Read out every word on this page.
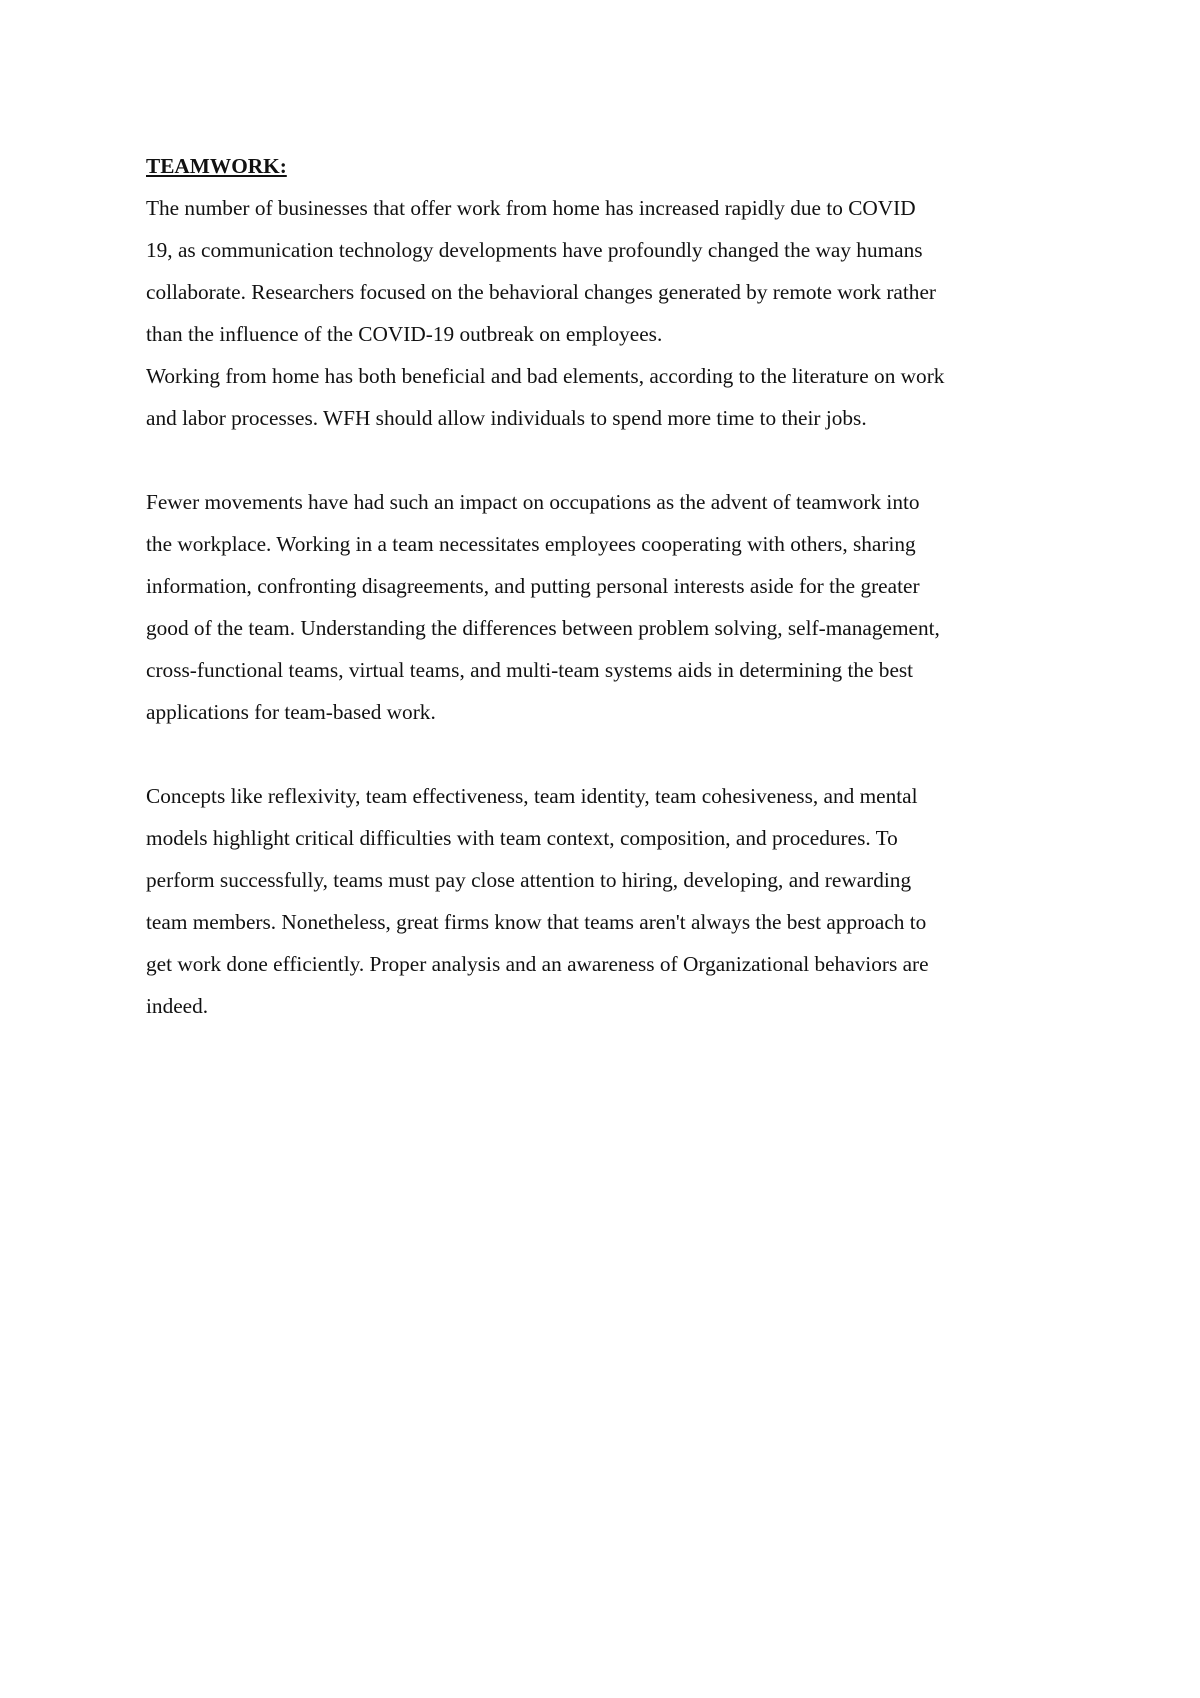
TEAMWORK:

The number of businesses that offer work from home has increased rapidly due to COVID

19, as communication technology developments have profoundly changed the way humans

collaborate. Researchers focused on the behavioral changes generated by remote work rather

than the influence of the COVID-19 outbreak on employees.

Working from home has both beneficial and bad elements, according to the literature on work

and labor processes. WFH should allow individuals to spend more time to their jobs.

Fewer movements have had such an impact on occupations as the advent of teamwork into

the workplace. Working in a team necessitates employees cooperating with others, sharing

information, confronting disagreements, and putting personal interests aside for the greater

good of the team. Understanding the differences between problem solving, self-management,

cross-functional teams, virtual teams, and multi-team systems aids in determining the best

applications for team-based work.

Concepts like reflexivity, team effectiveness, team identity, team cohesiveness, and mental

models highlight critical difficulties with team context, composition, and procedures. To

perform successfully, teams must pay close attention to hiring, developing, and rewarding

team members. Nonetheless, great firms know that teams aren't always the best approach to

get work done efficiently. Proper analysis and an awareness of Organizational behaviors are

indeed.
